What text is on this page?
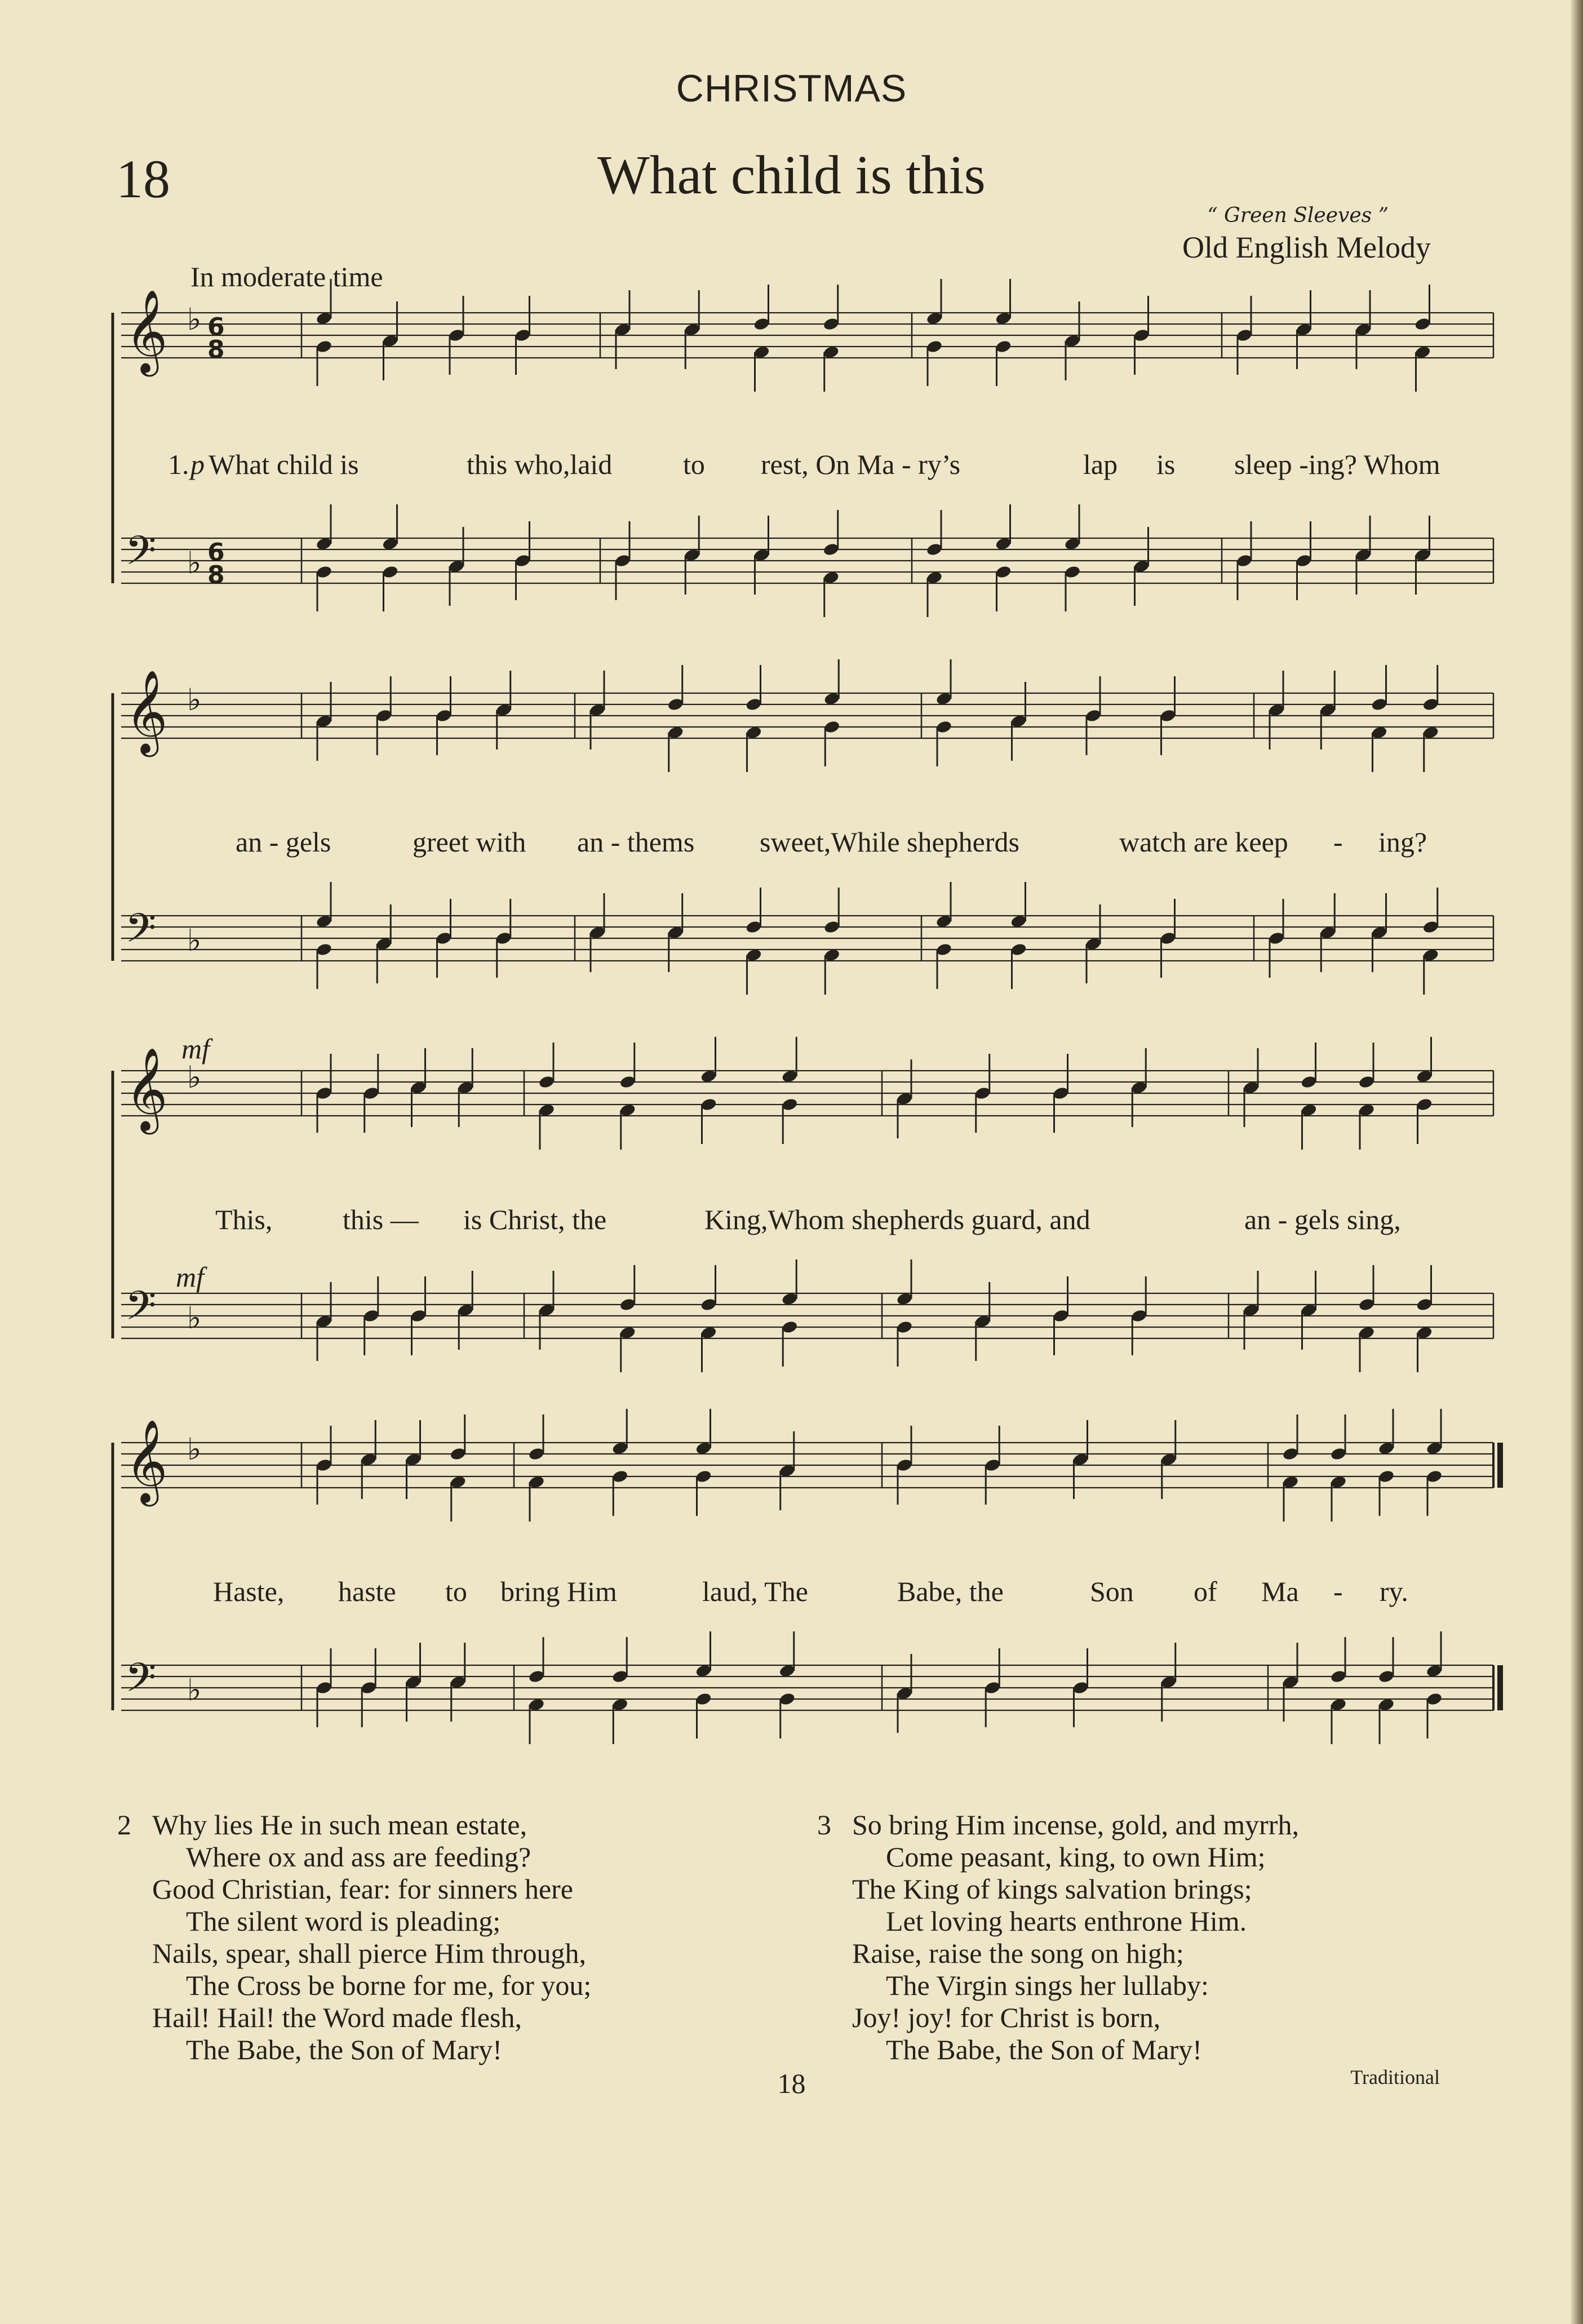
CHRISTMAS
18	What child is this
“ Green Sleeves ”
Old English Melody
In moderate time
𝄞 ♭ 6
8
𝄢 ♭ 6
8
𝄞 ♭
𝄢 ♭
𝄞 ♭
𝄢 ♭
mf
mf
𝄞 ♭
𝄢 ♭
1. p What child is	this who,laid	to rest, On Ma - ry’s	lap is sleep -ing? Whom
an - gels	greet with an - thems sweet,While shepherds	watch are keep - ing?
This, this — is Christ, the	King,Whom shepherds guard, and	an - gels sing,
Haste, haste to bring Him	laud, The	Babe, the	Son of Ma - ry.
2 Why lies He in such mean estate,
Where ox and ass are feeding?
Good Christian, fear: for sinners here
The silent word is pleading;
Nails, spear, shall pierce Him through,
The Cross be borne for me, for you;
Hail! Hail! the Word made flesh,
The Babe, the Son of Mary!
3 So bring Him incense, gold, and myrrh,
Come peasant, king, to own Him;
The King of kings salvation brings;
Let loving hearts enthrone Him.
Raise, raise the song on high;
The Virgin sings her lullaby:
Joy! joy! for Christ is born,
The Babe, the Son of Mary!
18	Traditional
